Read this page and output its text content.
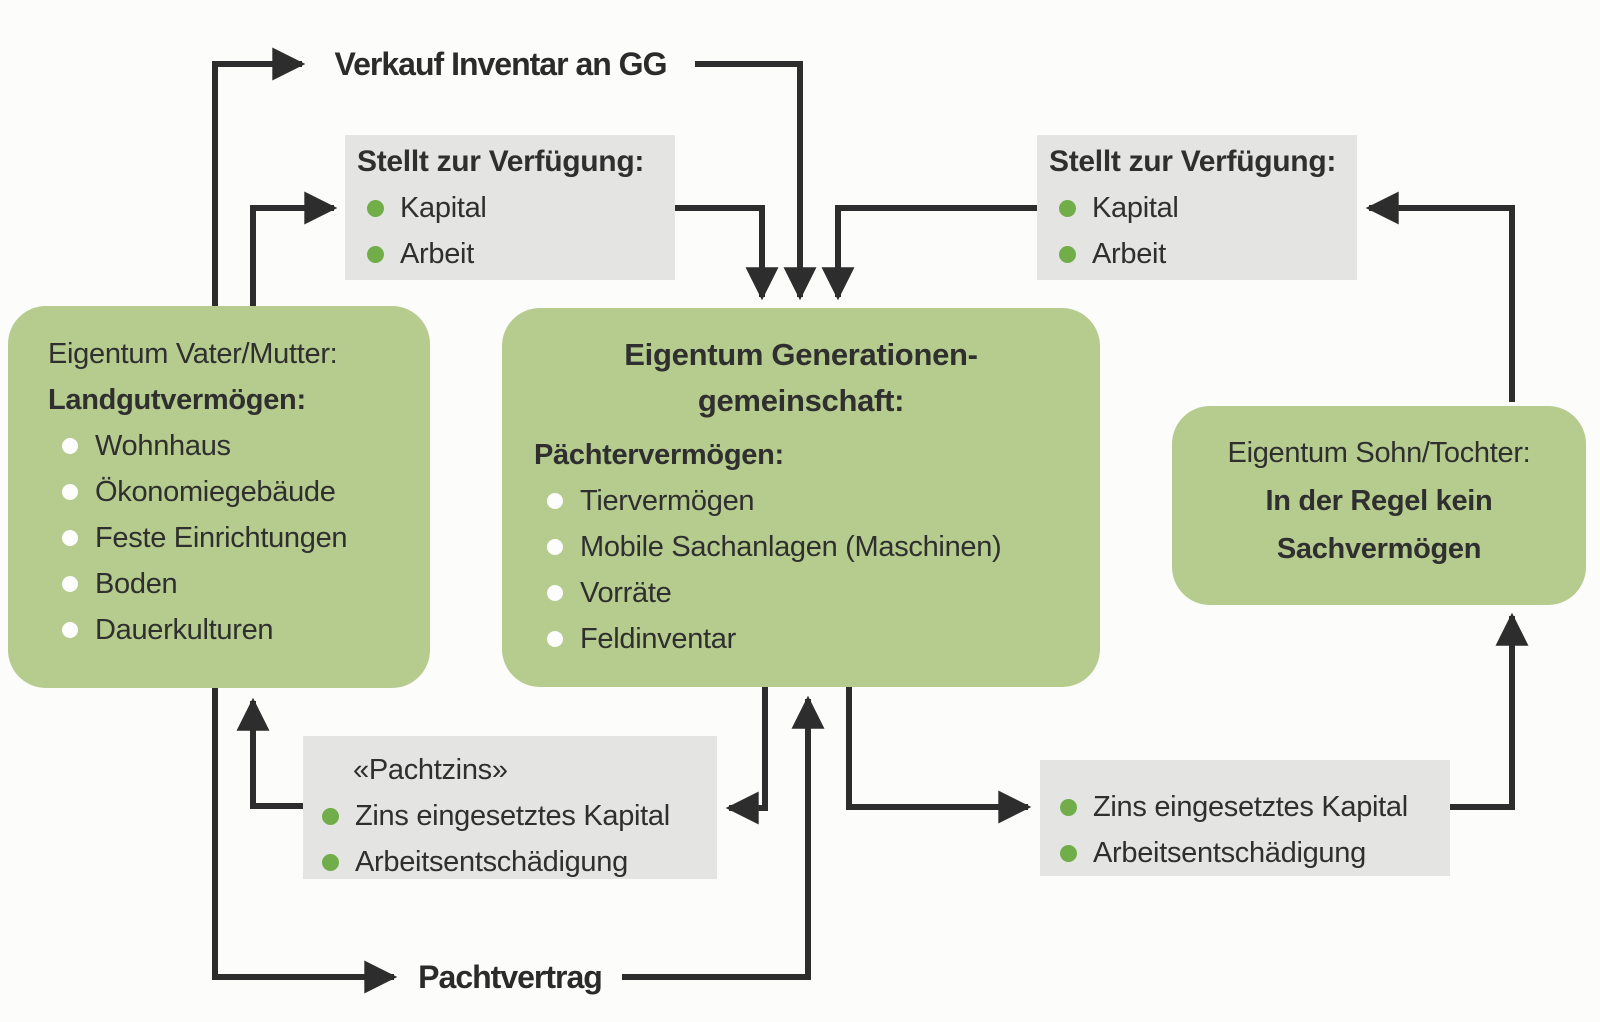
Verkauf Inventar an GG
Pachtvertrag
Eigentum Vater/Mutter:
Landgutvermögen:
Wohnhaus
Ökonomiegebäude
Feste Einrichtungen
Boden
Dauerkulturen
Eigentum Generationen-
gemeinschaft:
Pächtervermögen:
Tiervermögen
Mobile Sachanlagen (Maschinen)
Vorräte
Feldinventar
Eigentum Sohn/Tochter:
In der Regel kein
Sachvermögen
Stellt zur Verfügung:
Kapital
Arbeit
Stellt zur Verfügung:
Kapital
Arbeit
«Pachtzins»
Zins eingesetztes Kapital
Arbeitsentschädigung
Zins eingesetztes Kapital
Arbeitsentschädigung
